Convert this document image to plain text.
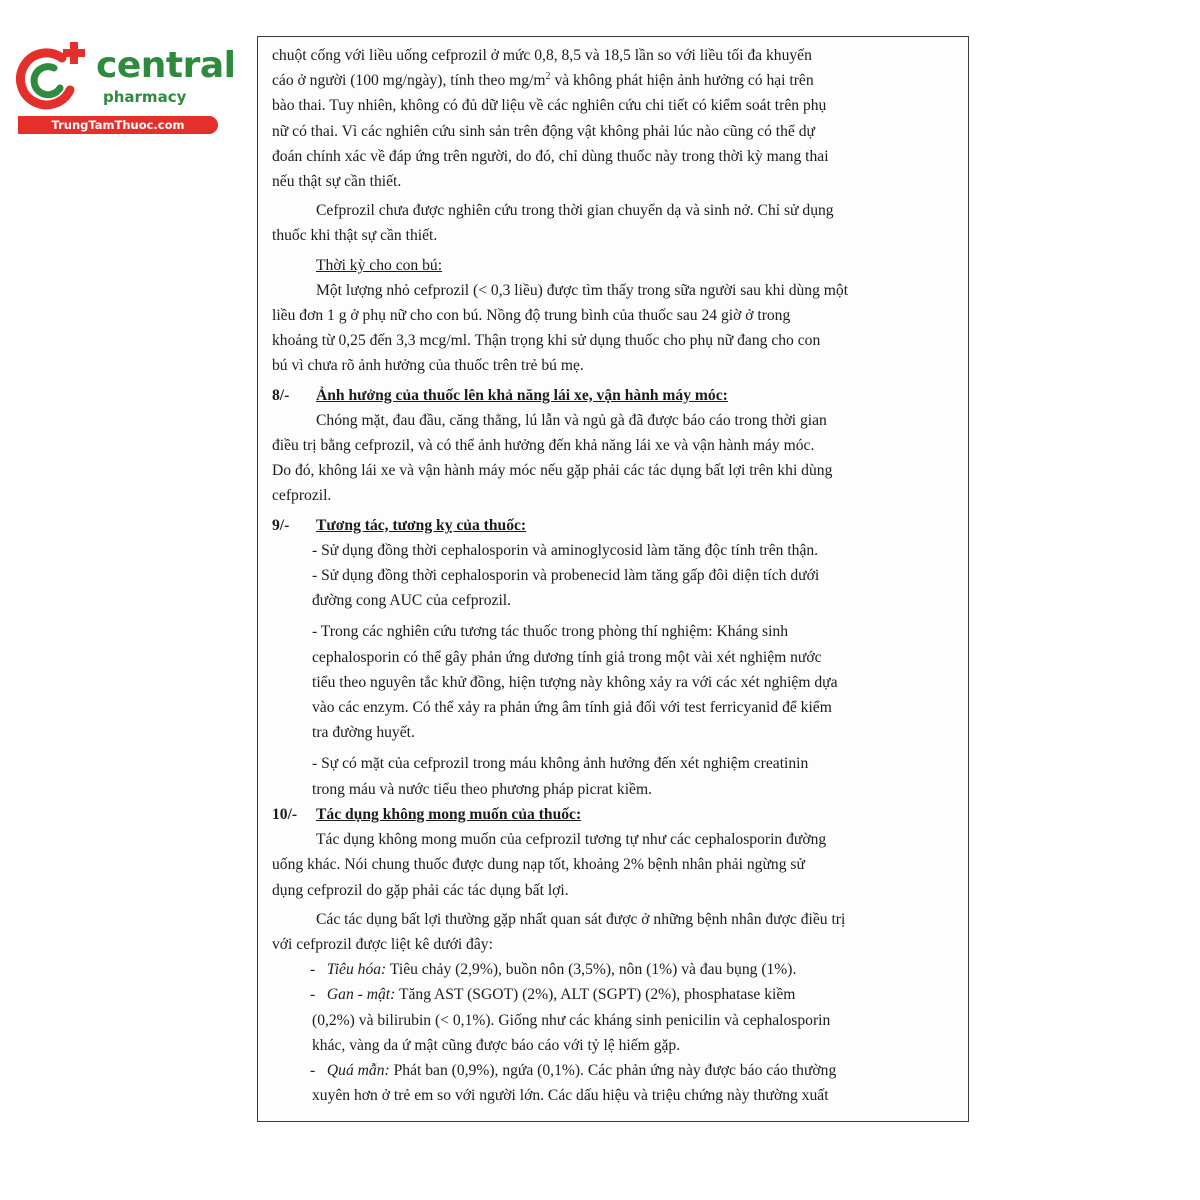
central
pharmacy
TrungTamThuoc.com
chuột cống với liều uống cefprozil ở mức 0,8, 8,5 và 18,5 lần so với liều tối đa khuyến
cáo ở người (100 mg/ngày), tính theo $mg/m^2$ và không phát hiện ảnh hưởng có hại trên
bào thai. Tuy nhiên, không có đủ dữ liệu về các nghiên cứu chi tiết có kiểm soát trên phụ
nữ có thai. Vì các nghiên cứu sinh sản trên động vật không phải lúc nào cũng có thể dự
đoán chính xác về đáp ứng trên người, do đó, chỉ dùng thuốc này trong thời kỳ mang thai
nếu thật sự cần thiết.
Cefprozil chưa được nghiên cứu trong thời gian chuyển dạ và sinh nở. Chỉ sử dụng
thuốc khi thật sự cần thiết.
Thời kỳ cho con bú:
Một lượng nhỏ cefprozil (< 0,3 liều) được tìm thấy trong sữa người sau khi dùng một
liều đơn 1 g ở phụ nữ cho con bú. Nồng độ trung bình của thuốc sau 24 giờ ở trong
khoảng từ 0,25 đến 3,3 mcg/ml. Thận trọng khi sử dụng thuốc cho phụ nữ đang cho con
bú vì chưa rõ ảnh hưởng của thuốc trên trẻ bú mẹ.
8/-	Ảnh hưởng của thuốc lên khả năng lái xe, vận hành máy móc:
Chóng mặt, đau đầu, căng thẳng, lú lẫn và ngủ gà đã được báo cáo trong thời gian
điều trị bằng cefprozil, và có thể ảnh hưởng đến khả năng lái xe và vận hành máy móc.
Do đó, không lái xe và vận hành máy móc nếu gặp phải các tác dụng bất lợi trên khi dùng
cefprozil.
9/-	Tương tác, tương kỵ của thuốc:
- Sử dụng đồng thời cephalosporin và aminoglycosid làm tăng độc tính trên thận.
- Sử dụng đồng thời cephalosporin và probenecid làm tăng gấp đôi diện tích dưới
đường cong AUC của cefprozil.
- Trong các nghiên cứu tương tác thuốc trong phòng thí nghiệm: Kháng sinh
cephalosporin có thể gây phản ứng dương tính giả trong một vài xét nghiệm nước
tiểu theo nguyên tắc khử đồng, hiện tượng này không xảy ra với các xét nghiệm dựa
vào các enzym. Có thể xảy ra phản ứng âm tính giả đối với test ferricyanid để kiểm
tra đường huyết.
- Sự có mặt của cefprozil trong máu không ảnh hưởng đến xét nghiệm creatinin
trong máu và nước tiểu theo phương pháp picrat kiềm.
10/-	Tác dụng không mong muốn của thuốc:
Tác dụng không mong muốn của cefprozil tương tự như các cephalosporin đường
uống khác. Nói chung thuốc được dung nạp tốt, khoảng 2% bệnh nhân phải ngừng sử
dụng cefprozil do gặp phải các tác dụng bất lợi.
Các tác dụng bất lợi thường gặp nhất quan sát được ở những bệnh nhân được điều trị
với cefprozil được liệt kê dưới đây:
- Tiêu hóa: Tiêu chảy (2,9%), buồn nôn (3,5%), nôn (1%) và đau bụng (1%).
- Gan - mật: Tăng AST (SGOT) (2%), ALT (SGPT) (2%), phosphatase kiềm
(0,2%) và bilirubin (< 0,1%). Giống như các kháng sinh penicilin và cephalosporin
khác, vàng da ứ mật cũng được báo cáo với tỷ lệ hiếm gặp.
- Quá mẫn: Phát ban (0,9%), ngứa (0,1%). Các phản ứng này được báo cáo thường
xuyên hơn ở trẻ em so với người lớn. Các dấu hiệu và triệu chứng này thường xuất
